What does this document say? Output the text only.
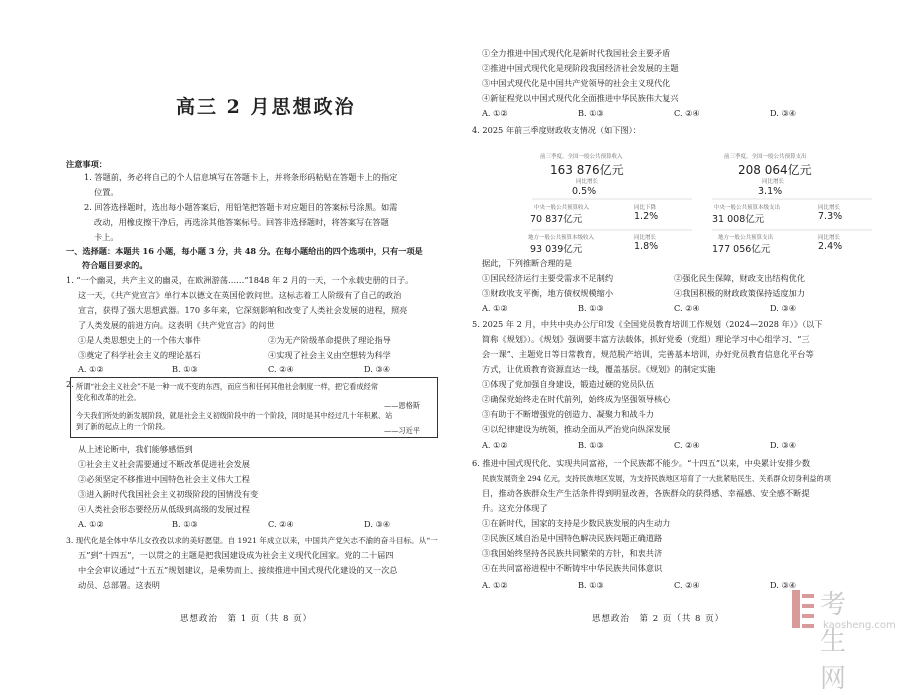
高三 2 月思想政治
注意事项：
1. 答题前，务必将自己的个人信息填写在答题卡上，并将条形码粘贴在答题卡上的指定
位置。
2. 回答选择题时，选出每小题答案后，用铅笔把答题卡对应题目的答案标号涂黑。如需
改动，用橡皮擦干净后，再选涂其他答案标号。回答非选择题时，将答案写在答题
卡上。
一、选择题：本题共 16 小题，每小题 3 分，共 48 分。在每小题给出的四个选项中，只有一项是
符合题目要求的。
1. “一个幽灵，共产主义的幽灵，在欧洲游荡……”1848 年 2 月的一天，一个永载史册的日子。
这一天，《共产党宣言》单行本以德文在英国伦敦问世。这标志着工人阶级有了自己的政治
宣言，获得了强大思想武器。170 多年来，它深刻影响和改变了人类社会发展的进程，照亮
了人类发展的前进方向。这表明《共产党宣言》的问世
①是人类思想史上的一个伟大事件	②为无产阶级革命提供了理论指导
③奠定了科学社会主义的理论基石	④实现了社会主义由空想转为科学
A. ①②	B. ①③	C. ②④	D. ③④
2. 所谓“社会主义社会”不是一种一成不变的东西，而应当和任何其他社会制度一样，把它看成经常
变化和改革的社会。
——恩格斯
今天我们所处的新发展阶段，就是社会主义初级阶段中的一个阶段，同时是其中经过几十年积累、站
到了新的起点上的一个阶段。	——习近平
从上述论断中，我们能够感悟到
①社会主义社会需要通过不断改革促进社会发展
②必须坚定不移推进中国特色社会主义伟大工程
③进入新时代我国社会主义初级阶段的国情没有变
④人类社会形态要经历从低级到高级的发展过程
A. ①②	B. ①③	C. ②④	D. ③④
3. 现代化是全体中华儿女孜孜以求的美好愿望。自 1921 年成立以来，中国共产党矢志不渝的奋斗目标。从“一
五”到“十四五”，一以贯之的主题是把我国建设成为社会主义现代化国家。党的二十届四
中全会审议通过“十五五”规划建议，是乘势而上、接续推进中国式现代化建设的又一次总
动员、总部署。这表明
思想政治　第 1 页（共 8 页）
①全力推进中国式现代化是新时代我国社会主要矛盾
②推进中国式现代化是现阶段我国经济社会发展的主题
③中国式现代化是中国共产党领导的社会主义现代化
④新征程党以中国式现代化全面推进中华民族伟大复兴
A. ①②	B. ①③	C. ②④	D. ③④
4. 2025 年前三季度财政收支情况（如下图）：
前三季度，全国一般公共预算收入
163 876亿元
同比增长
0.5%
中央一般公共预算收入
70 837亿元
同比下降
1.2%
地方一般公共预算本级收入
93 039亿元
同比增长
1.8%
前三季度，全国一般公共预算支出
208 064亿元
同比增长
3.1%
中央一般公共预算本级支出
31 008亿元
同比增长
7.3%
地方一般公共预算支出
177 056亿元
同比增长
2.4%
据此，下列推断合理的是
①国民经济运行主要受需求不足制约	②强化民生保障，财政支出结构优化
③财政收支平衡，地方债权规模缩小	④我国积极的财政政策保持适度加力
A. ①②	B. ①③	C. ②④	D. ③④
5. 2025 年 2 月，中共中央办公厅印发《全国党员教育培训工作规划（2024—2028 年）》（以下
简称《规划》）。《规划》强调要丰富方法载体，抓好党委（党组）理论学习中心组学习、“三
会一课”、主题党日等日常教育，规范脱产培训，完善基本培训，办好党员教育信息化平台等
方式，让优质教育资源直达一线，覆盖基层。《规划》的制定实施
①体现了党加强自身建设，锻造过硬的党员队伍
②确保党始终走在时代前列，始终成为坚强领导核心
③有助于不断增强党的创造力、凝聚力和战斗力
④以纪律建设为统领，推动全面从严治党向纵深发展
A. ①②	B. ①③	C. ②④	D. ③④
6. 推进中国式现代化、实现共同富裕，一个民族都不能少。“十四五”以来，中央累计安排少数
民族发展资金 294 亿元，支持民族地区发展，为支持民族地区培育了一大批紧贴民生、关系群众切身利益的项
目，推动各族群众生产生活条件得到明显改善，各族群众的获得感、幸福感、安全感不断提
升。这充分体现了
①在新时代，国家的支持是少数民族发展的内生动力
②民族区域自治是中国特色解决民族问题正确道路
③我国始终坚持各民族共同繁荣的方针，和衷共济
④在共同富裕进程中不断铸牢中华民族共同体意识
A. ①②	B. ①③	C. ②④	D. ③④
思想政治　第 2 页（共 8 页）	考生网
kaosheng.com
